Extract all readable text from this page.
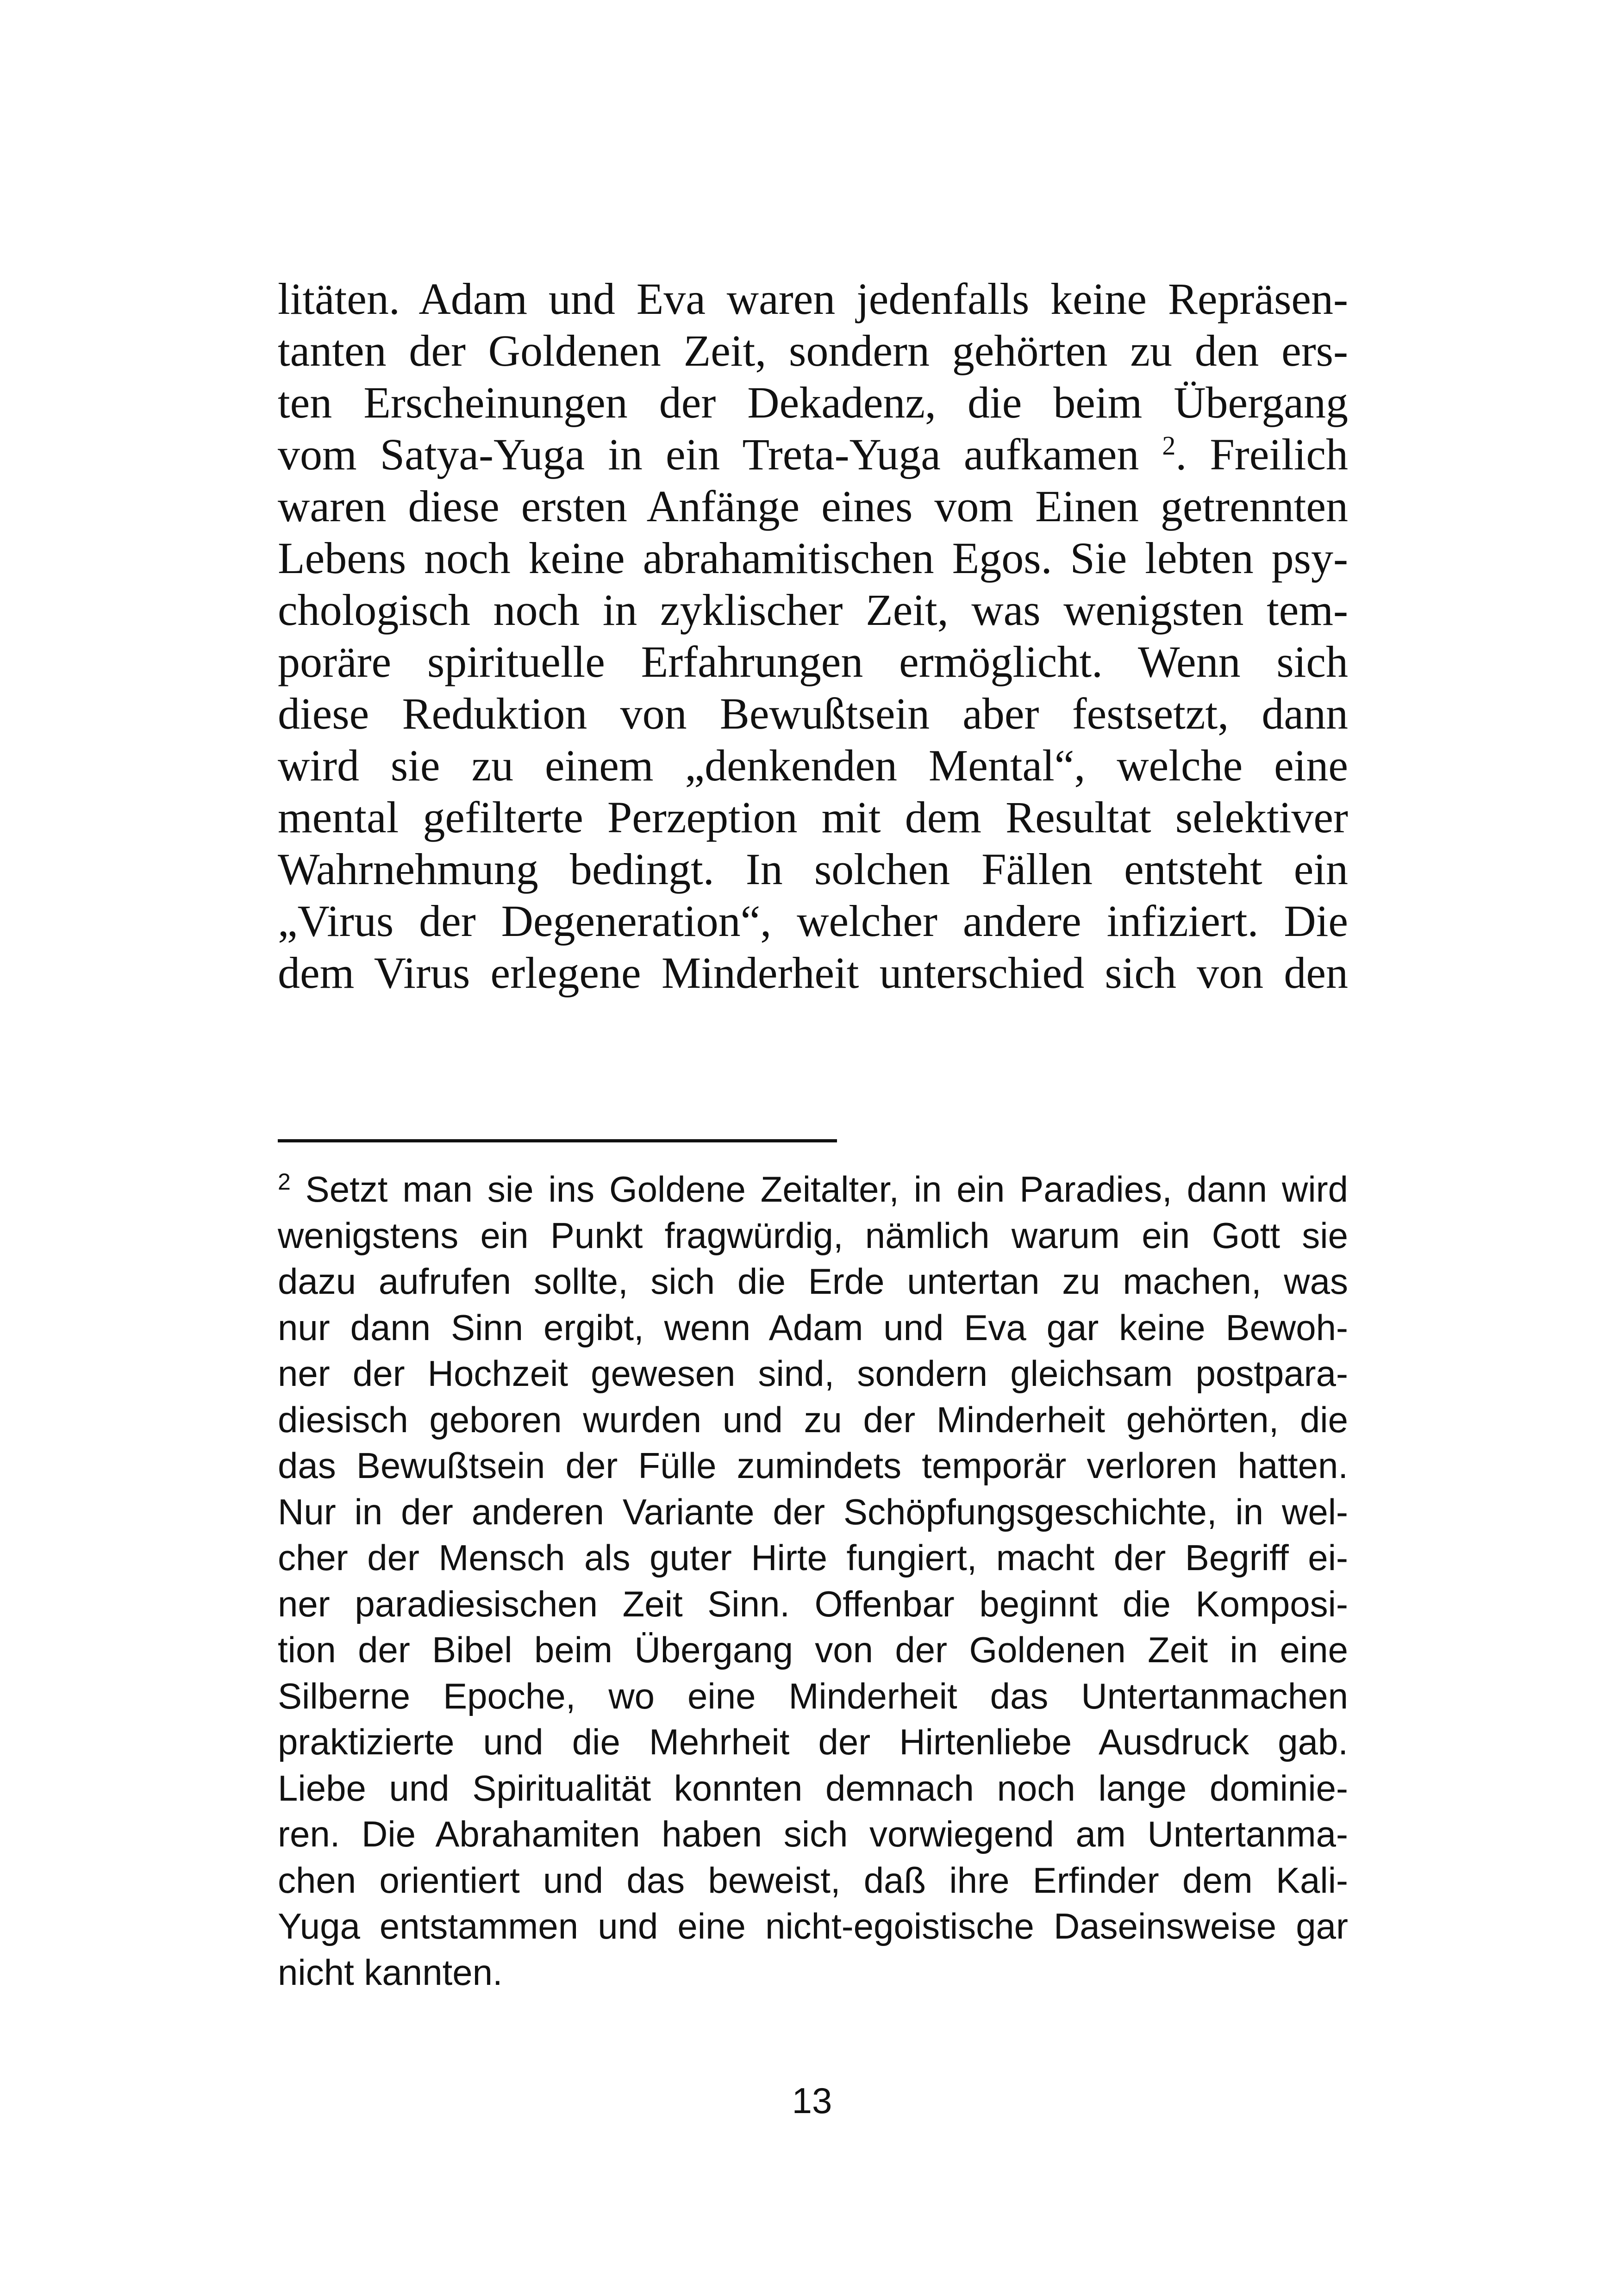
litäten. Adam und Eva waren jedenfalls keine Repräsen-
tanten der Goldenen Zeit, sondern gehörten zu den ers-
ten Erscheinungen der Dekadenz, die beim Übergang
vom Satya-Yuga in ein Treta-Yuga aufkamen $^2$. Freilich
waren diese ersten Anfänge eines vom Einen getrennten
Lebens noch keine abrahamitischen Egos. Sie lebten psy-
chologisch noch in zyklischer Zeit, was wenigsten tem-
poräre spirituelle Erfahrungen ermöglicht. Wenn sich
diese Reduktion von Bewußtsein aber festsetzt, dann
wird sie zu einem „denkenden Mental“, welche eine
mental gefilterte Perzeption mit dem Resultat selektiver
Wahrnehmung bedingt. In solchen Fällen entsteht ein
„Virus der Degeneration“, welcher andere infiziert. Die
dem Virus erlegene Minderheit unterschied sich von den
$^2$ Setzt man sie ins Goldene Zeitalter, in ein Paradies, dann wird
wenigstens ein Punkt fragwürdig, nämlich warum ein Gott sie
dazu aufrufen sollte, sich die Erde untertan zu machen, was
nur dann Sinn ergibt, wenn Adam und Eva gar keine Bewoh-
ner der Hochzeit gewesen sind, sondern gleichsam postpara-
diesisch geboren wurden und zu der Minderheit gehörten, die
das Bewußtsein der Fülle zumindets temporär verloren hatten.
Nur in der anderen Variante der Schöpfungsgeschichte, in wel-
cher der Mensch als guter Hirte fungiert, macht der Begriff ei-
ner paradiesischen Zeit Sinn. Offenbar beginnt die Komposi-
tion der Bibel beim Übergang von der Goldenen Zeit in eine
Silberne Epoche, wo eine Minderheit das Untertanmachen
praktizierte und die Mehrheit der Hirtenliebe Ausdruck gab.
Liebe und Spiritualität konnten demnach noch lange dominie-
ren. Die Abrahamiten haben sich vorwiegend am Untertanma-
chen orientiert und das beweist, daß ihre Erfinder dem Kali-
Yuga entstammen und eine nicht-egoistische Daseinsweise gar
nicht kannten.
13
